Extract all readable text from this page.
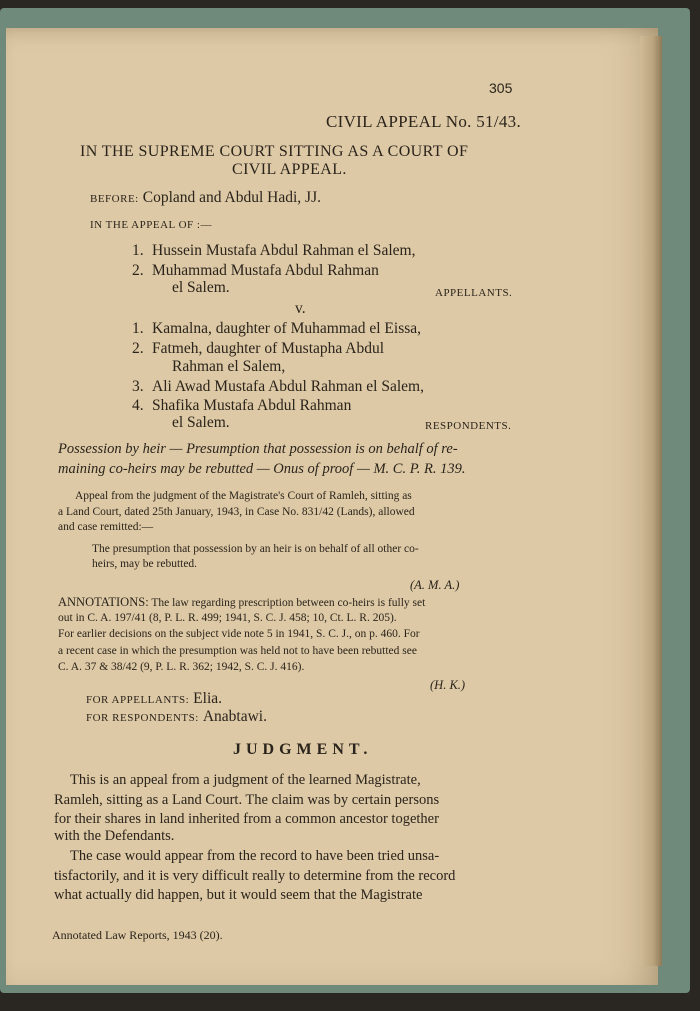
305
CIVIL APPEAL No. 51/43.
IN THE SUPREME COURT SITTING AS A COURT OF
CIVIL APPEAL.
BEFORE: Copland and Abdul Hadi, JJ.
IN THE APPEAL OF :—
1. Hussein Mustafa Abdul Rahman el Salem,
2. Muhammad Mustafa Abdul Rahman
el Salem.	APPELLANTS.
v.
1. Kamalna, daughter of Muhammad el Eissa,
2. Fatmeh, daughter of Mustapha Abdul
Rahman el Salem,
3. Ali Awad Mustafa Abdul Rahman el Salem,
4. Shafika Mustafa Abdul Rahman
el Salem.	RESPONDENTS.
Possession by heir — Presumption that possession is on behalf of re-
maining co-heirs may be rebutted — Onus of proof — M. C. P. R. 139.
Appeal from the judgment of the Magistrate's Court of Ramleh, sitting as
a Land Court, dated 25th January, 1943, in Case No. 831/42 (Lands), allowed
and case remitted:—
The presumption that possession by an heir is on behalf of all other co-
heirs, may be rebutted.
(A. M. A.)
ANNOTATIONS: The law regarding prescription between co-heirs is fully set
out in C. A. 197/41 (8, P. L. R. 499; 1941, S. C. J. 458; 10, Ct. L. R. 205).
For earlier decisions on the subject vide note 5 in 1941, S. C. J., on p. 460. For
a recent case in which the presumption was held not to have been rebutted see
C. A. 37 & 38/42 (9, P. L. R. 362; 1942, S. C. J. 416).
(H. K.)
FOR APPELLANTS: Elia.
FOR RESPONDENTS: Anabtawi.
JUDGMENT.
This is an appeal from a judgment of the learned Magistrate,
Ramleh, sitting as a Land Court. The claim was by certain persons
for their shares in land inherited from a common ancestor together
with the Defendants.
The case would appear from the record to have been tried unsa-
tisfactorily, and it is very difficult really to determine from the record
what actually did happen, but it would seem that the Magistrate
Annotated Law Reports, 1943 (20).
